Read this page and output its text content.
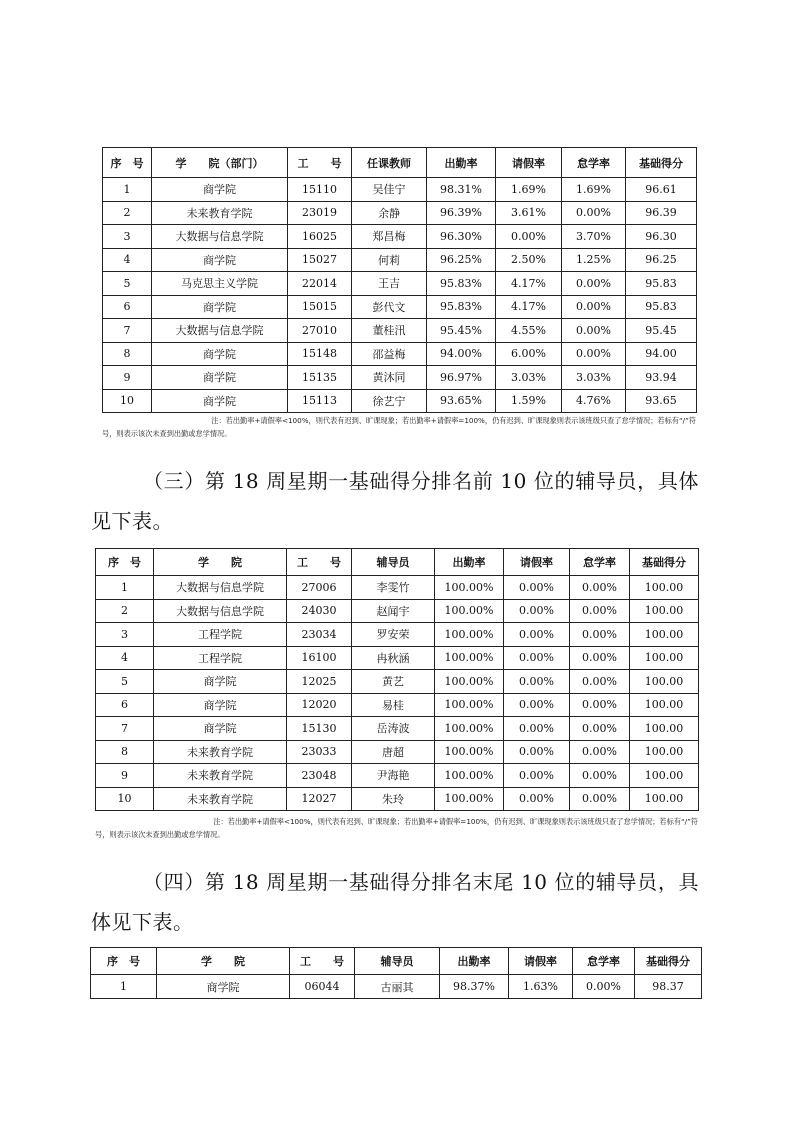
序　号	学　　院（部门）	工　　号	任课教师	出勤率	请假率	怠学率	基础得分
1	商学院	15110	吴佳宁	98.31%	1.69%	1.69%	96.61
2	未来教育学院	23019	余静	96.39%	3.61%	0.00%	96.39
3	大数据与信息学院	16025	郑昌梅	96.30%	0.00%	3.70%	96.30
4	商学院	15027	何莉	96.25%	2.50%	1.25%	96.25
5	马克思主义学院	22014	王吉	95.83%	4.17%	0.00%	95.83
6	商学院	15015	彭代文	95.83%	4.17%	0.00%	95.83
7	大数据与信息学院	27010	董桂汛	95.45%	4.55%	0.00%	95.45
8	商学院	15148	邵益梅	94.00%	6.00%	0.00%	94.00
9	商学院	15135	黄沐同	96.97%	3.03%	3.03%	93.94
10	商学院	15113	徐艺宁	93.65%	1.59%	4.76%	93.65
注：若出勤率+请假率<100%，则代表有迟到、旷课现象；若出勤率+请假率=100%，仍有迟到、旷课现象则表示该班级只查了怠学情况；若标有“/”符
号，则表示该次未查到出勤或怠学情况。
（三）第 18 周星期一基础得分排名前 10 位的辅导员，具体
见下表。
序　号	学　　院	工　　号	辅导员	出勤率	请假率	怠学率	基础得分
1	大数据与信息学院	27006	李雯竹	100.00%	0.00%	0.00%	100.00
2	大数据与信息学院	24030	赵闻宇	100.00%	0.00%	0.00%	100.00
3	工程学院	23034	罗安荣	100.00%	0.00%	0.00%	100.00
4	工程学院	16100	冉秋涵	100.00%	0.00%	0.00%	100.00
5	商学院	12025	黄艺	100.00%	0.00%	0.00%	100.00
6	商学院	12020	易桂	100.00%	0.00%	0.00%	100.00
7	商学院	15130	岳涛波	100.00%	0.00%	0.00%	100.00
8	未来教育学院	23033	唐超	100.00%	0.00%	0.00%	100.00
9	未来教育学院	23048	尹海艳	100.00%	0.00%	0.00%	100.00
10	未来教育学院	12027	朱玲	100.00%	0.00%	0.00%	100.00
注：若出勤率+请假率<100%，则代表有迟到、旷课现象；若出勤率+请假率=100%，仍有迟到、旷课现象则表示该班级只查了怠学情况；若标有“/”符
号，则表示该次未查到出勤或怠学情况。
（四）第 18 周星期一基础得分排名末尾 10 位的辅导员，具
体见下表。
序　号	学　　院	工　　号	辅导员	出勤率	请假率	怠学率	基础得分
1	商学院	06044	古丽其	98.37%	1.63%	0.00%	98.37
